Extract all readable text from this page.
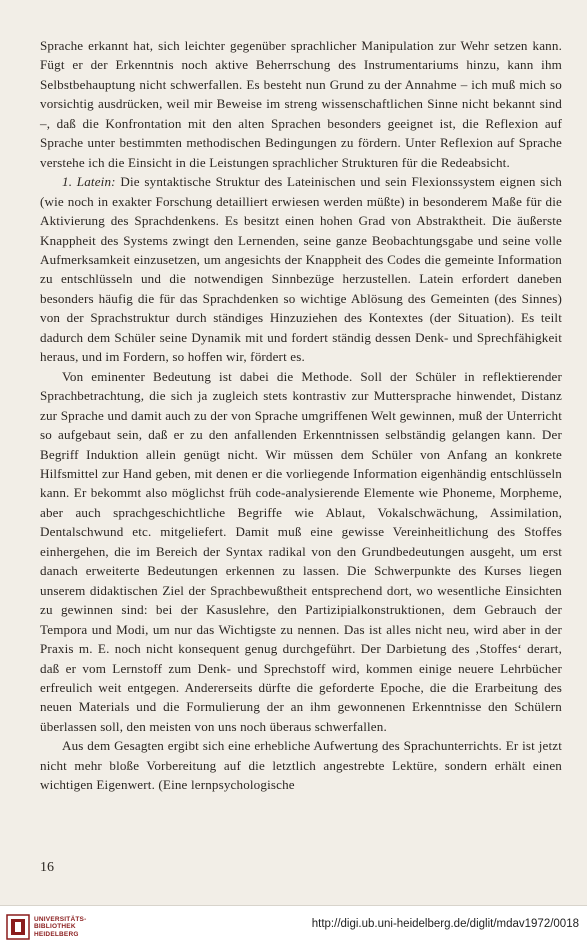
Sprache erkannt hat, sich leichter gegenüber sprachlicher Manipulation zur Wehr setzen kann. Fügt er der Erkenntnis noch aktive Beherrschung des Instrumentariums hinzu, kann ihm Selbstbehauptung nicht schwerfallen. Es besteht nun Grund zu der Annahme – ich muß mich so vorsichtig ausdrücken, weil mir Beweise im streng wissenschaftlichen Sinne nicht bekannt sind –, daß die Konfrontation mit den alten Sprachen besonders geeignet ist, die Reflexion auf Sprache unter bestimmten methodischen Bedingungen zu fördern. Unter Reflexion auf Sprache verstehe ich die Einsicht in die Leistungen sprachlicher Strukturen für die Redeabsicht.

1. Latein: Die syntaktische Struktur des Lateinischen und sein Flexionssystem eignen sich (wie noch in exakter Forschung detailliert erwiesen werden müßte) in besonderem Maße für die Aktivierung des Sprachdenkens. Es besitzt einen hohen Grad von Abstraktheit. Die äußerste Knappheit des Systems zwingt den Lernenden, seine ganze Beobachtungsgabe und seine volle Aufmerksamkeit einzusetzen, um angesichts der Knappheit des Codes die gemeinte Information zu entschlüsseln und die notwendigen Sinnbezüge herzustellen. Latein erfordert daneben besonders häufig die für das Sprachdenken so wichtige Ablösung des Gemeinten (des Sinnes) von der Sprachstruktur durch ständiges Hinzuziehen des Kontextes (der Situation). Es teilt dadurch dem Schüler seine Dynamik mit und fordert ständig dessen Denk- und Sprechfähigkeit heraus, und im Fordern, so hoffen wir, fördert es.

Von eminenter Bedeutung ist dabei die Methode. Soll der Schüler in reflektierender Sprachbetrachtung, die sich ja zugleich stets kontrastiv zur Muttersprache hinwendet, Distanz zur Sprache und damit auch zu der von Sprache umgriffenen Welt gewinnen, muß der Unterricht so aufgebaut sein, daß er zu den anfallenden Erkenntnissen selbständig gelangen kann. Der Begriff Induktion allein genügt nicht. Wir müssen dem Schüler von Anfang an konkrete Hilfsmittel zur Hand geben, mit denen er die vorliegende Information eigenhändig entschlüsseln kann. Er bekommt also möglichst früh code-analysierende Elemente wie Phoneme, Morpheme, aber auch sprachgeschichtliche Begriffe wie Ablaut, Vokalschwächung, Assimilation, Dentalschwund etc. mitgeliefert. Damit muß eine gewisse Vereinheitlichung des Stoffes einhergehen, die im Bereich der Syntax radikal von den Grundbedeutungen ausgeht, um erst danach erweiterte Bedeutungen erkennen zu lassen. Die Schwerpunkte des Kurses liegen unserem didaktischen Ziel der Sprachbewußtheit entsprechend dort, wo wesentliche Einsichten zu gewinnen sind: bei der Kasuslehre, den Partizipialkonstruktionen, dem Gebrauch der Tempora und Modi, um nur das Wichtigste zu nennen. Das ist alles nicht neu, wird aber in der Praxis m. E. noch nicht konsequent genug durchgeführt. Der Darbietung des ‚Stoffes‘ derart, daß er vom Lernstoff zum Denk- und Sprechstoff wird, kommen einige neuere Lehrbücher erfreulich weit entgegen. Andererseits dürfte die geforderte Epoche, die die Erarbeitung des neuen Materials und die Formulierung der an ihm gewonnenen Erkenntnisse den Schülern überlassen soll, den meisten von uns noch überaus schwerfallen.

Aus dem Gesagten ergibt sich eine erhebliche Aufwertung des Sprachunterrichts. Er ist jetzt nicht mehr bloße Vorbereitung auf die letztlich angestrebte Lektüre, sondern erhält einen wichtigen Eigenwert. (Eine lernpsychologische

16
UNIVERSITÄTS-
BIBLIOTHEK
HEIDELBERG
http://digi.ub.uni-heidelberg.de/diglit/mdav1972/0018
